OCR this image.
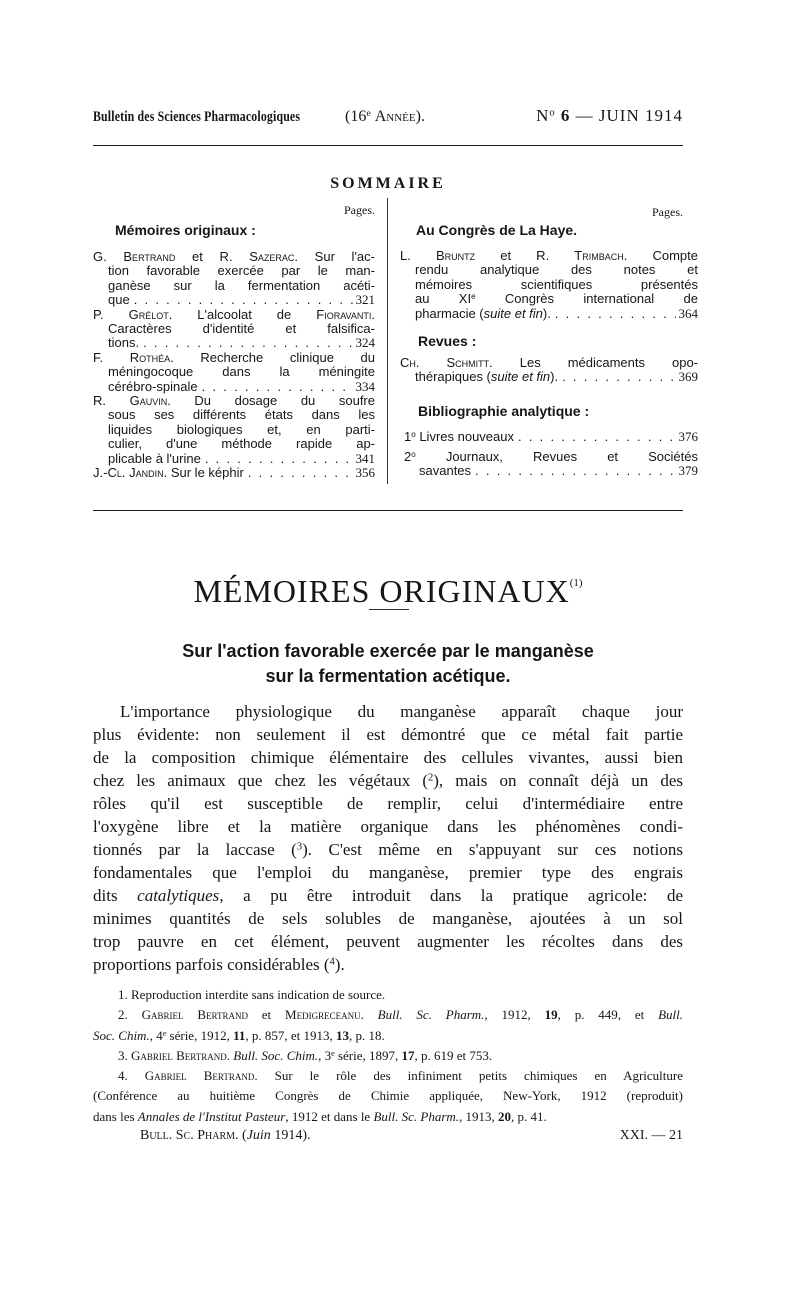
Bulletin des Sciences Pharmacologiques	(16e Année).	$N^o$ 6 — JUIN 1914
SOMMAIRE
Pages.	Pages.
Mémoires originaux :
G. Bertrand et R. Sazerac. Sur l'ac-
tion favorable exercée par le man-
ganèse sur la fermentation acéti-
que . . .	321
P. Grélot. L'alcoolat de Fioravanti.
Caractères d'identité et falsifica-
tions. . . .	324
F. Rothéa. Recherche clinique du
méningocoque dans la méningite
cérébro-spinale . . .	334
R. Gauvin. Du dosage du soufre
sous ses différents états dans les
liquides biologiques et, en parti-
culier, d'une méthode rapide ap-
plicable à l'urine . . .	341
J.-Cl. Jandin. Sur le képhir . . .	356
Au Congrès de La Haye.
L. Bruntz et R. Trimbach. Compte
rendu analytique des notes et
mémoires scientifiques présentés
au XIe Congrès international de
pharmacie (suite et fin). . . .	364
Revues :
Ch. Schmitt. Les médicaments opo-
thérapiques (suite et fin). . . .	369
Bibliographie analytique :
1$^o$ Livres nouveaux . . .	376
2$^o$ Journaux, Revues et Sociétés
savantes . . .	379
MÉMOIRES ORIGINAUX$^{(1)}$
Sur l'action favorable exercée par le manganèse
sur la fermentation acétique.
L'importance physiologique du manganèse apparaît chaque jour
plus évidente: non seulement il est démontré que ce métal fait partie
de la composition chimique élémentaire des cellules vivantes, aussi bien
chez les animaux que chez les végétaux ($^2$), mais on connaît déjà un des
rôles qu'il est susceptible de remplir, celui d'intermédiaire entre
l'oxygène libre et la matière organique dans les phénomènes condi-
tionnés par la laccase ($^3$). C'est même en s'appuyant sur ces notions
fondamentales que l'emploi du manganèse, premier type des engrais
dits catalytiques, a pu être introduit dans la pratique agricole: de
minimes quantités de sels solubles de manganèse, ajoutées à un sol
trop pauvre en cet élément, peuvent augmenter les récoltes dans des
proportions parfois considérables ($^4$).
1. Reproduction interdite sans indication de source.
2. Gabriel Bertrand et Medigreceanu. Bull. Sc. Pharm., 1912, 19, p. 449, et Bull.
Soc. Chim., 4e série, 1912, 11, p. 857, et 1913, 13, p. 18.
3. Gabriel Bertrand. Bull. Soc. Chim., 3e série, 1897, 17, p. 619 et 753.
4. Gabriel Bertrand. Sur le rôle des infiniment petits chimiques en Agriculture
(Conférence au huitième Congrès de Chimie appliquée, New-York, 1912 (reproduit)
dans les Annales de l'Institut Pasteur, 1912 et dans le Bull. Sc. Pharm., 1913, 20, p. 41.
Bull. Sc. Pharm. (Juin 1914).	XXI. — 21
